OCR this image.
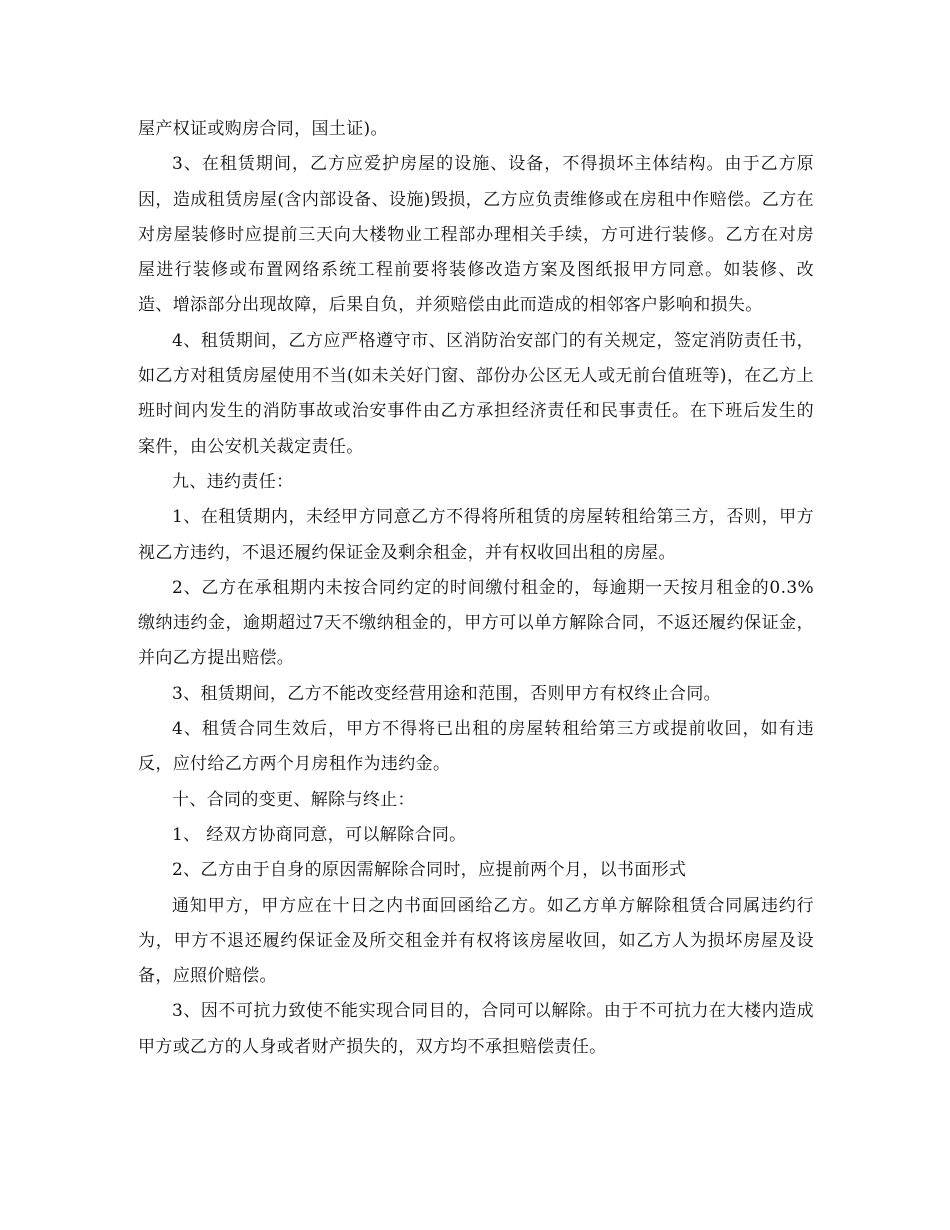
屋产权证或购房合同，国土证)。

3、在租赁期间，乙方应爱护房屋的设施、设备，不得损坏主体结构。由于乙方原因，造成租赁房屋(含内部设备、设施)毁损，乙方应负责维修或在房租中作赔偿。乙方在对房屋装修时应提前三天向大楼物业工程部办理相关手续，方可进行装修。乙方在对房屋进行装修或布置网络系统工程前要将装修改造方案及图纸报甲方同意。如装修、改造、增添部分出现故障，后果自负，并须赔偿由此而造成的相邻客户影响和损失。

4、租赁期间，乙方应严格遵守市、区消防治安部门的有关规定，签定消防责任书，如乙方对租赁房屋使用不当(如未关好门窗、部份办公区无人或无前台值班等)，在乙方上班时间内发生的消防事故或治安事件由乙方承担经济责任和民事责任。在下班后发生的案件，由公安机关裁定责任。

九、违约责任：

1、在租赁期内，未经甲方同意乙方不得将所租赁的房屋转租给第三方，否则，甲方视乙方违约，不退还履约保证金及剩余租金，并有权收回出租的房屋。

2、乙方在承租期内未按合同约定的时间缴付租金的，每逾期一天按月租金的0.3%缴纳违约金，逾期超过7天不缴纳租金的，甲方可以单方解除合同，不返还履约保证金，并向乙方提出赔偿。

3、租赁期间，乙方不能改变经营用途和范围，否则甲方有权终止合同。

4、租赁合同生效后，甲方不得将已出租的房屋转租给第三方或提前收回，如有违反，应付给乙方两个月房租作为违约金。

十、合同的变更、解除与终止：

1、 经双方协商同意，可以解除合同。

2、乙方由于自身的原因需解除合同时，应提前两个月，以书面形式

通知甲方，甲方应在十日之内书面回函给乙方。如乙方单方解除租赁合同属违约行为，甲方不退还履约保证金及所交租金并有权将该房屋收回，如乙方人为损坏房屋及设备，应照价赔偿。

3、因不可抗力致使不能实现合同目的，合同可以解除。由于不可抗力在大楼内造成甲方或乙方的人身或者财产损失的，双方均不承担赔偿责任。
